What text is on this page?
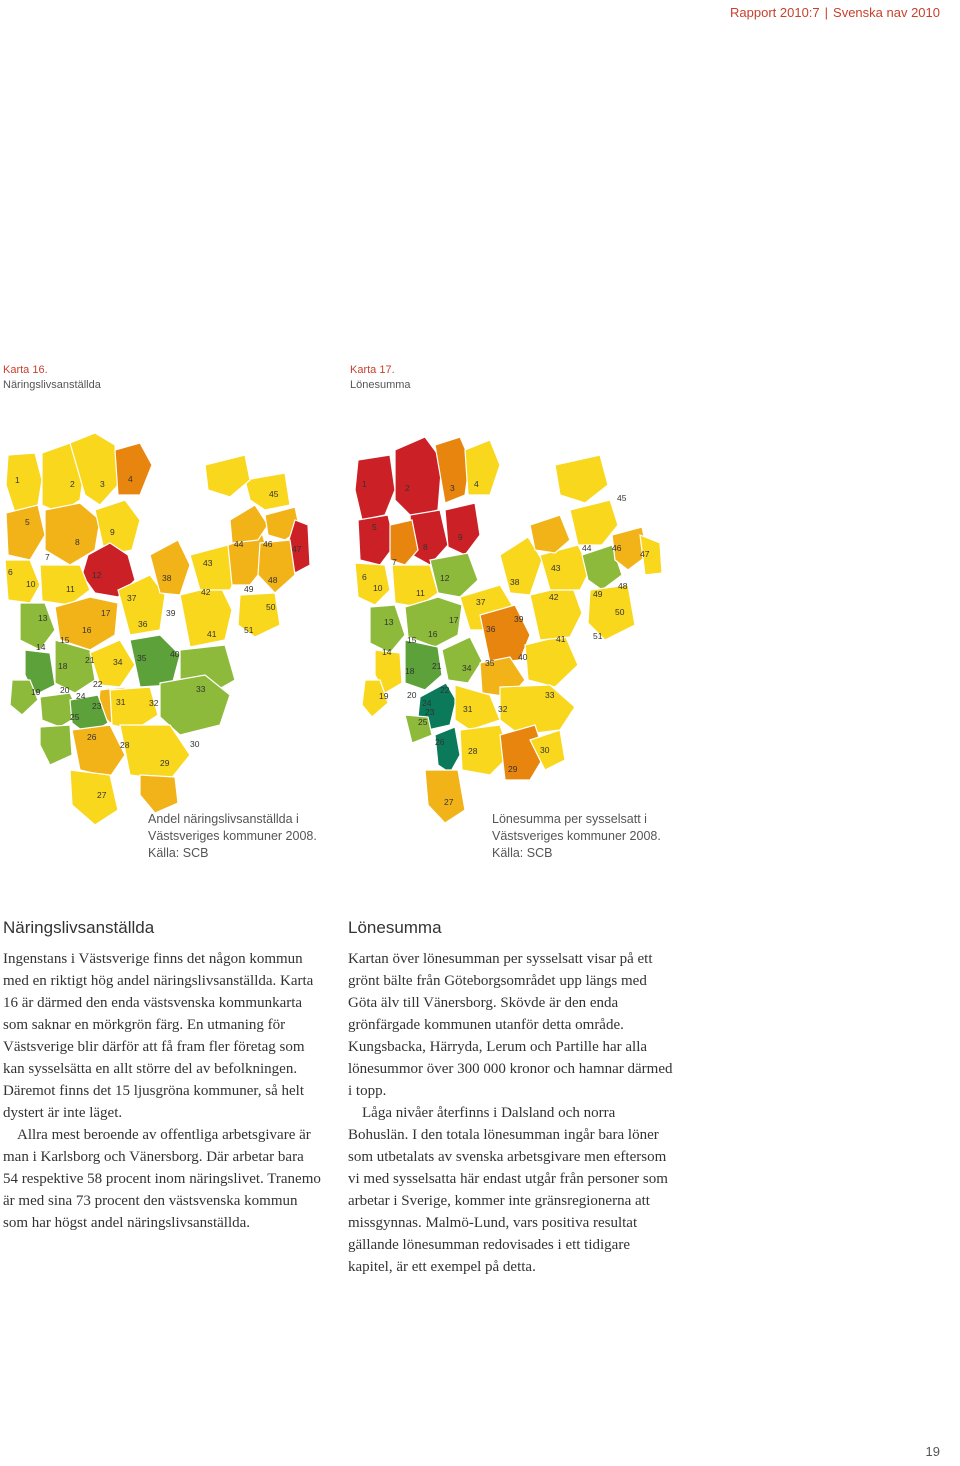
Rapport 2010:7 | Svenska nav 2010
Karta 16.
Näringslivsanställda
Karta 17.
Lönesumma
1	2	3	4
5
6
7
8
9
10	11
12
13
14
15
16
17
18
19 20
21
22
23
24
25
26
27
28
29
30
31	32
33
34 35
36
37
38
39
40
41
42
43
44
45
46 47
48
49
50
51
Andel näringslivsanställda i Västsveriges kommuner 2008. Källa: SCB
1	2	3 4
5
6
7
8
9
10	11
12
13
14
15
16
17
18
19 20
21
22
23
24
25
26
27
28
29
30
31	32
33
34 35
36
37
38
39
40
41
42
43
44
45
46
47
48
49
50
51
Lönesumma per sysselsatt i Västsveriges kommuner 2008. Källa: SCB
Näringslivsanställda

Ingenstans i Västsverige finns det någon kommun med en riktigt hög andel näringslivsanställda. Karta 16 är därmed den enda västsvenska kommunkarta som saknar en mörkgrön färg. En utmaning för Västsverige blir därför att få fram fler företag som kan sysselsätta en allt större del av befolkningen. Däremot finns det 15 ljusgröna kommuner, så helt dystert är inte läget.

Allra mest beroende av offentliga arbetsgivare är man i Karlsborg och Vänersborg. Där arbetar bara 54 respektive 58 procent inom näringslivet. Tranemo är med sina 73 procent den västsvenska kommun som har högst andel näringslivsanställda.

Lönesumma

Kartan över lönesumman per sysselsatt visar på ett grönt bälte från Göteborgsområdet upp längs med Göta älv till Vänersborg. Skövde är den enda grönfärgade kommunen utanför detta område. Kungsbacka, Härryda, Lerum och Partille har alla lönesummor över 300 000 kronor och hamnar därmed i topp.

Låga nivåer återfinns i Dalsland och norra Bohuslän. I den totala lönesumman ingår bara löner som utbetalats av svenska arbetsgivare men eftersom vi med sysselsatta här endast utgår från personer som arbetar i Sverige, kommer inte gränsregionerna att missgynnas. Malmö-Lund, vars positiva resultat gällande lönesumman redovisades i ett tidigare kapitel, är ett exempel på detta.

19
